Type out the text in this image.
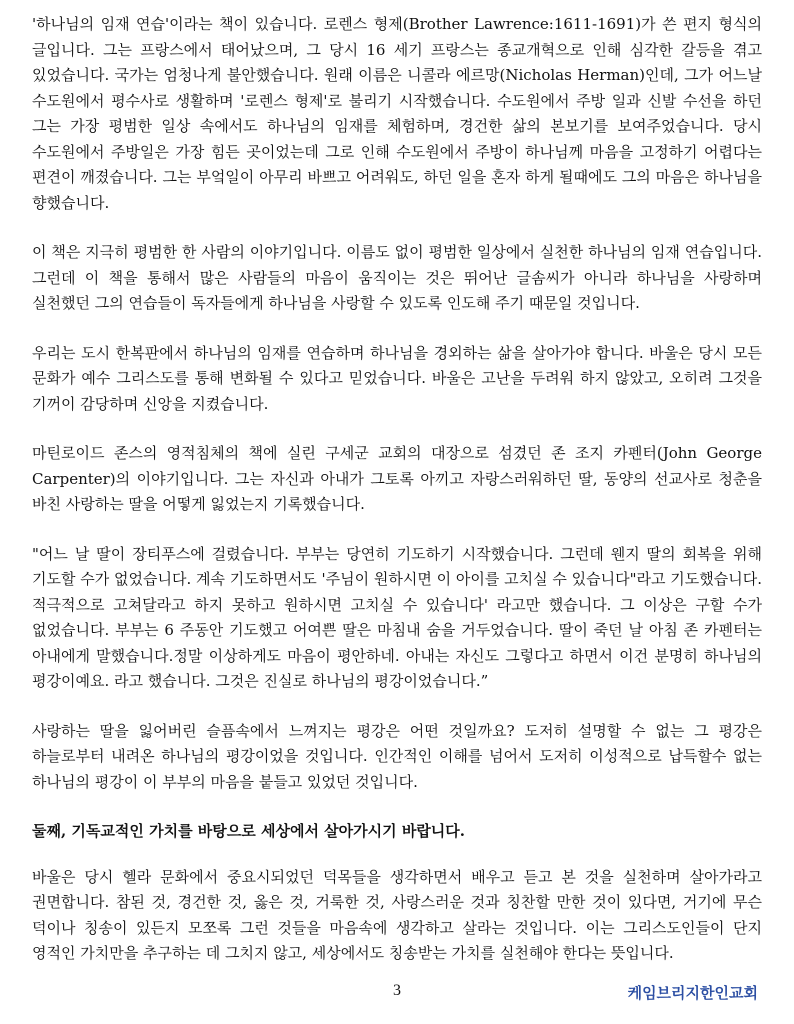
'하나님의 임재 연습'이라는 책이 있습니다. 로렌스 형제(Brother Lawrence:1611-1691)가 쓴 편지 형식의 글입니다. 그는 프랑스에서 태어났으며, 그 당시 16 세기 프랑스는 종교개혁으로 인해 심각한 갈등을 겪고 있었습니다. 국가는 엄청나게 불안했습니다. 원래 이름은 니콜라 에르망(Nicholas Herman)인데, 그가 어느날 수도원에서 평수사로 생활하며 '로렌스 형제'로 불리기 시작했습니다. 수도원에서 주방 일과 신발 수선을 하던 그는 가장 평범한 일상 속에서도 하나님의 임재를 체험하며, 경건한 삶의 본보기를 보여주었습니다. 당시 수도원에서 주방일은 가장 힘든 곳이었는데 그로 인해 수도원에서 주방이 하나님께 마음을 고정하기 어렵다는 편견이 깨졌습니다. 그는 부엌일이 아무리 바쁘고 어려워도, 하던 일을 혼자 하게 될때에도 그의 마음은 하나님을 향했습니다.

이 책은 지극히 평범한 한 사람의 이야기입니다. 이름도 없이 평범한 일상에서 실천한 하나님의 임재 연습입니다. 그런데 이 책을 통해서 많은 사람들의 마음이 움직이는 것은 뛰어난 글솜씨가 아니라 하나님을 사랑하며 실천했던 그의 연습들이 독자들에게 하나님을 사랑할 수 있도록 인도해 주기 때문일 것입니다.

우리는 도시 한복판에서 하나님의 임재를 연습하며 하나님을 경외하는 삶을 살아가야 합니다. 바울은 당시 모든 문화가 예수 그리스도를 통해 변화될 수 있다고 믿었습니다. 바울은 고난을 두려워 하지 않았고, 오히려 그것을 기꺼이 감당하며 신앙을 지켰습니다.

마틴로이드 존스의 영적침체의 책에 실린 구세군 교회의 대장으로 섬겼던 존 조지 카펜터(John George Carpenter)의 이야기입니다. 그는 자신과 아내가 그토록 아끼고 자랑스러워하던 딸, 동양의 선교사로 청춘을 바친 사랑하는 딸을 어떻게 잃었는지 기록했습니다.

"어느 날 딸이 장티푸스에 걸렸습니다. 부부는 당연히 기도하기 시작했습니다. 그런데 웬지 딸의 회복을 위해 기도할 수가 없었습니다. 계속 기도하면서도 '주님이 원하시면 이 아이를 고치실 수 있습니다"라고 기도했습니다. 적극적으로 고쳐달라고 하지 못하고 원하시면 고치실 수 있습니다' 라고만 했습니다. 그 이상은 구할 수가 없었습니다. 부부는 6 주동안 기도했고 어여쁜 딸은 마침내 숨을 거두었습니다. 딸이 죽던 날 아침 존 카펜터는 아내에게 말했습니다.정말 이상하게도 마음이 평안하네. 아내는 자신도 그렇다고 하면서 이건 분명히 하나님의 평강이예요. 라고 했습니다. 그것은 진실로 하나님의 평강이었습니다.”

사랑하는 딸을 잃어버린 슬픔속에서 느껴지는 평강은 어떤 것일까요? 도저히 설명할 수 없는 그 평강은 하늘로부터 내려온 하나님의 평강이었을 것입니다. 인간적인 이해를 넘어서 도저히 이성적으로 납득할수 없는 하나님의 평강이 이 부부의 마음을 붙들고 있었던 것입니다.

둘째, 기독교적인 가치를 바탕으로 세상에서 살아가시기 바랍니다.

바울은 당시 헬라 문화에서 중요시되었던 덕목들을 생각하면서 배우고 듣고 본 것을 실천하며 살아가라고 권면합니다. 참된 것, 경건한 것, 옳은 것, 거룩한 것, 사랑스러운 것과 칭찬할 만한 것이 있다면, 거기에 무슨 덕이나 칭송이 있든지 모쪼록 그런 것들을 마음속에 생각하고 살라는 것입니다. 이는 그리스도인들이 단지 영적인 가치만을 추구하는 데 그치지 않고, 세상에서도 칭송받는 가치를 실천해야 한다는 뜻입니다.

3	케임브리지한인교회
